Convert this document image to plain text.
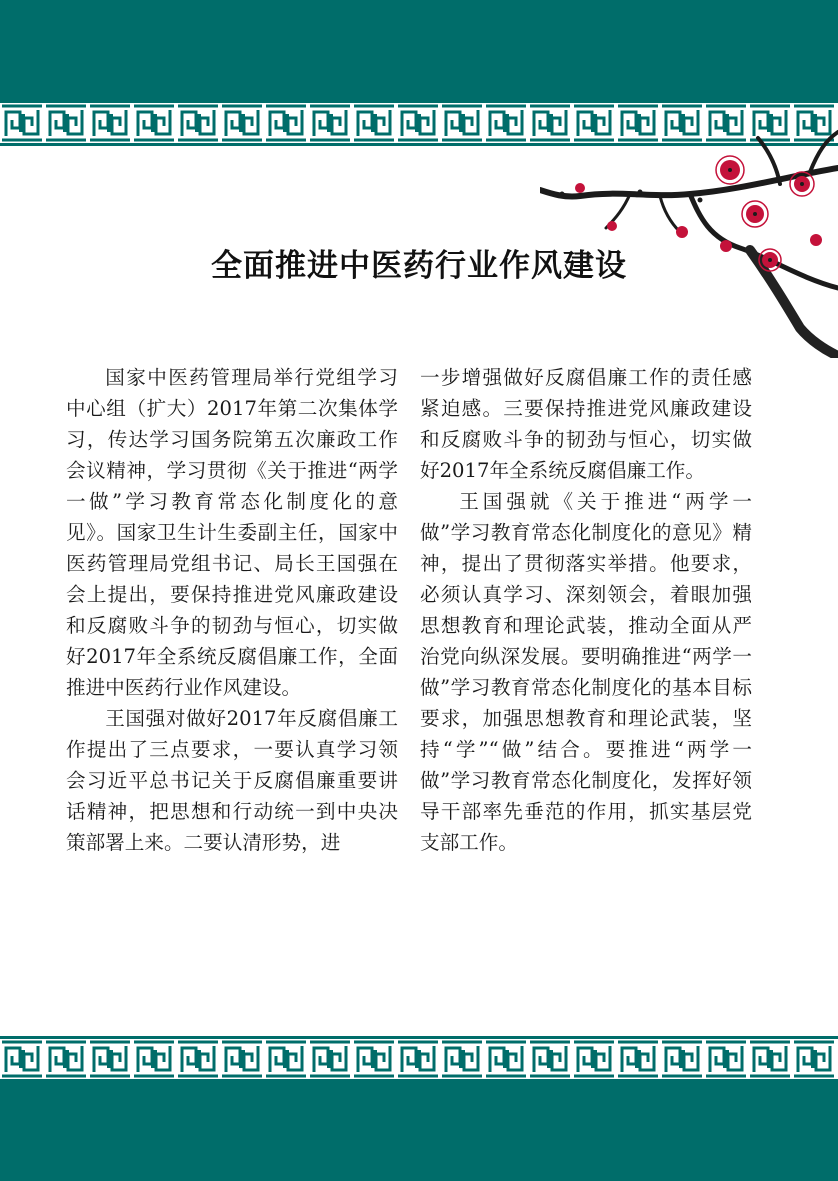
全面推进中医药行业作风建设

国家中医药管理局举行党组学习中心组（扩大）2017年第二次集体学习，传达学习国务院第五次廉政工作会议精神，学习贯彻《关于推进“两学一做”学习教育常态化制度化的意见》。国家卫生计生委副主任，国家中医药管理局党组书记、局长王国强在会上提出，要保持推进党风廉政建设和反腐败斗争的韧劲与恒心，切实做好2017年全系统反腐倡廉工作，全面推进中医药行业作风建设。

王国强对做好2017年反腐倡廉工作提出了三点要求，一要认真学习领会习近平总书记关于反腐倡廉重要讲话精神，把思想和行动统一到中央决策部署上来。二要认清形势，进

一步增强做好反腐倡廉工作的责任感紧迫感。三要保持推进党风廉政建设和反腐败斗争的韧劲与恒心，切实做好2017年全系统反腐倡廉工作。

王国强就《关于推进“两学一做”学习教育常态化制度化的意见》精神，提出了贯彻落实举措。他要求，必须认真学习、深刻领会，着眼加强思想教育和理论武装，推动全面从严治党向纵深发展。要明确推进“两学一做”学习教育常态化制度化的基本目标要求，加强思想教育和理论武装，坚持“学”“做”结合。要推进“两学一做”学习教育常态化制度化，发挥好领导干部率先垂范的作用，抓实基层党支部工作。
